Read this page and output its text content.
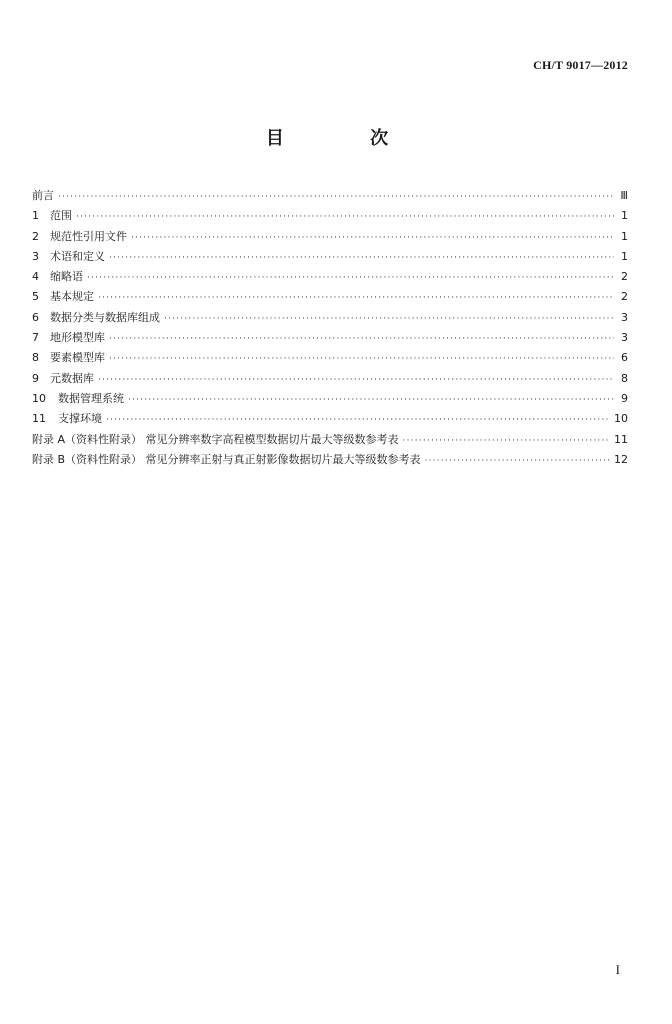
CH/T 9017—2012
目 次
前言 ·····	Ⅲ
1 范围 ·····	1
2 规范性引用文件 ·····	1
3 术语和定义 ·····	1
4 缩略语 ·····	2
5 基本规定 ·····	2
6 数据分类与数据库组成 ·····	3
7 地形模型库 ·····	3
8 要素模型库 ·····	6
9 元数据库 ·····	8
10 数据管理系统 ·····	9
11 支撑环境 ·····	10
附录 A（资料性附录） 常见分辨率数字高程模型数据切片最大等级数参考表 ·····	11
附录 B（资料性附录） 常见分辨率正射与真正射影像数据切片最大等级数参考表 ·····	12
I
